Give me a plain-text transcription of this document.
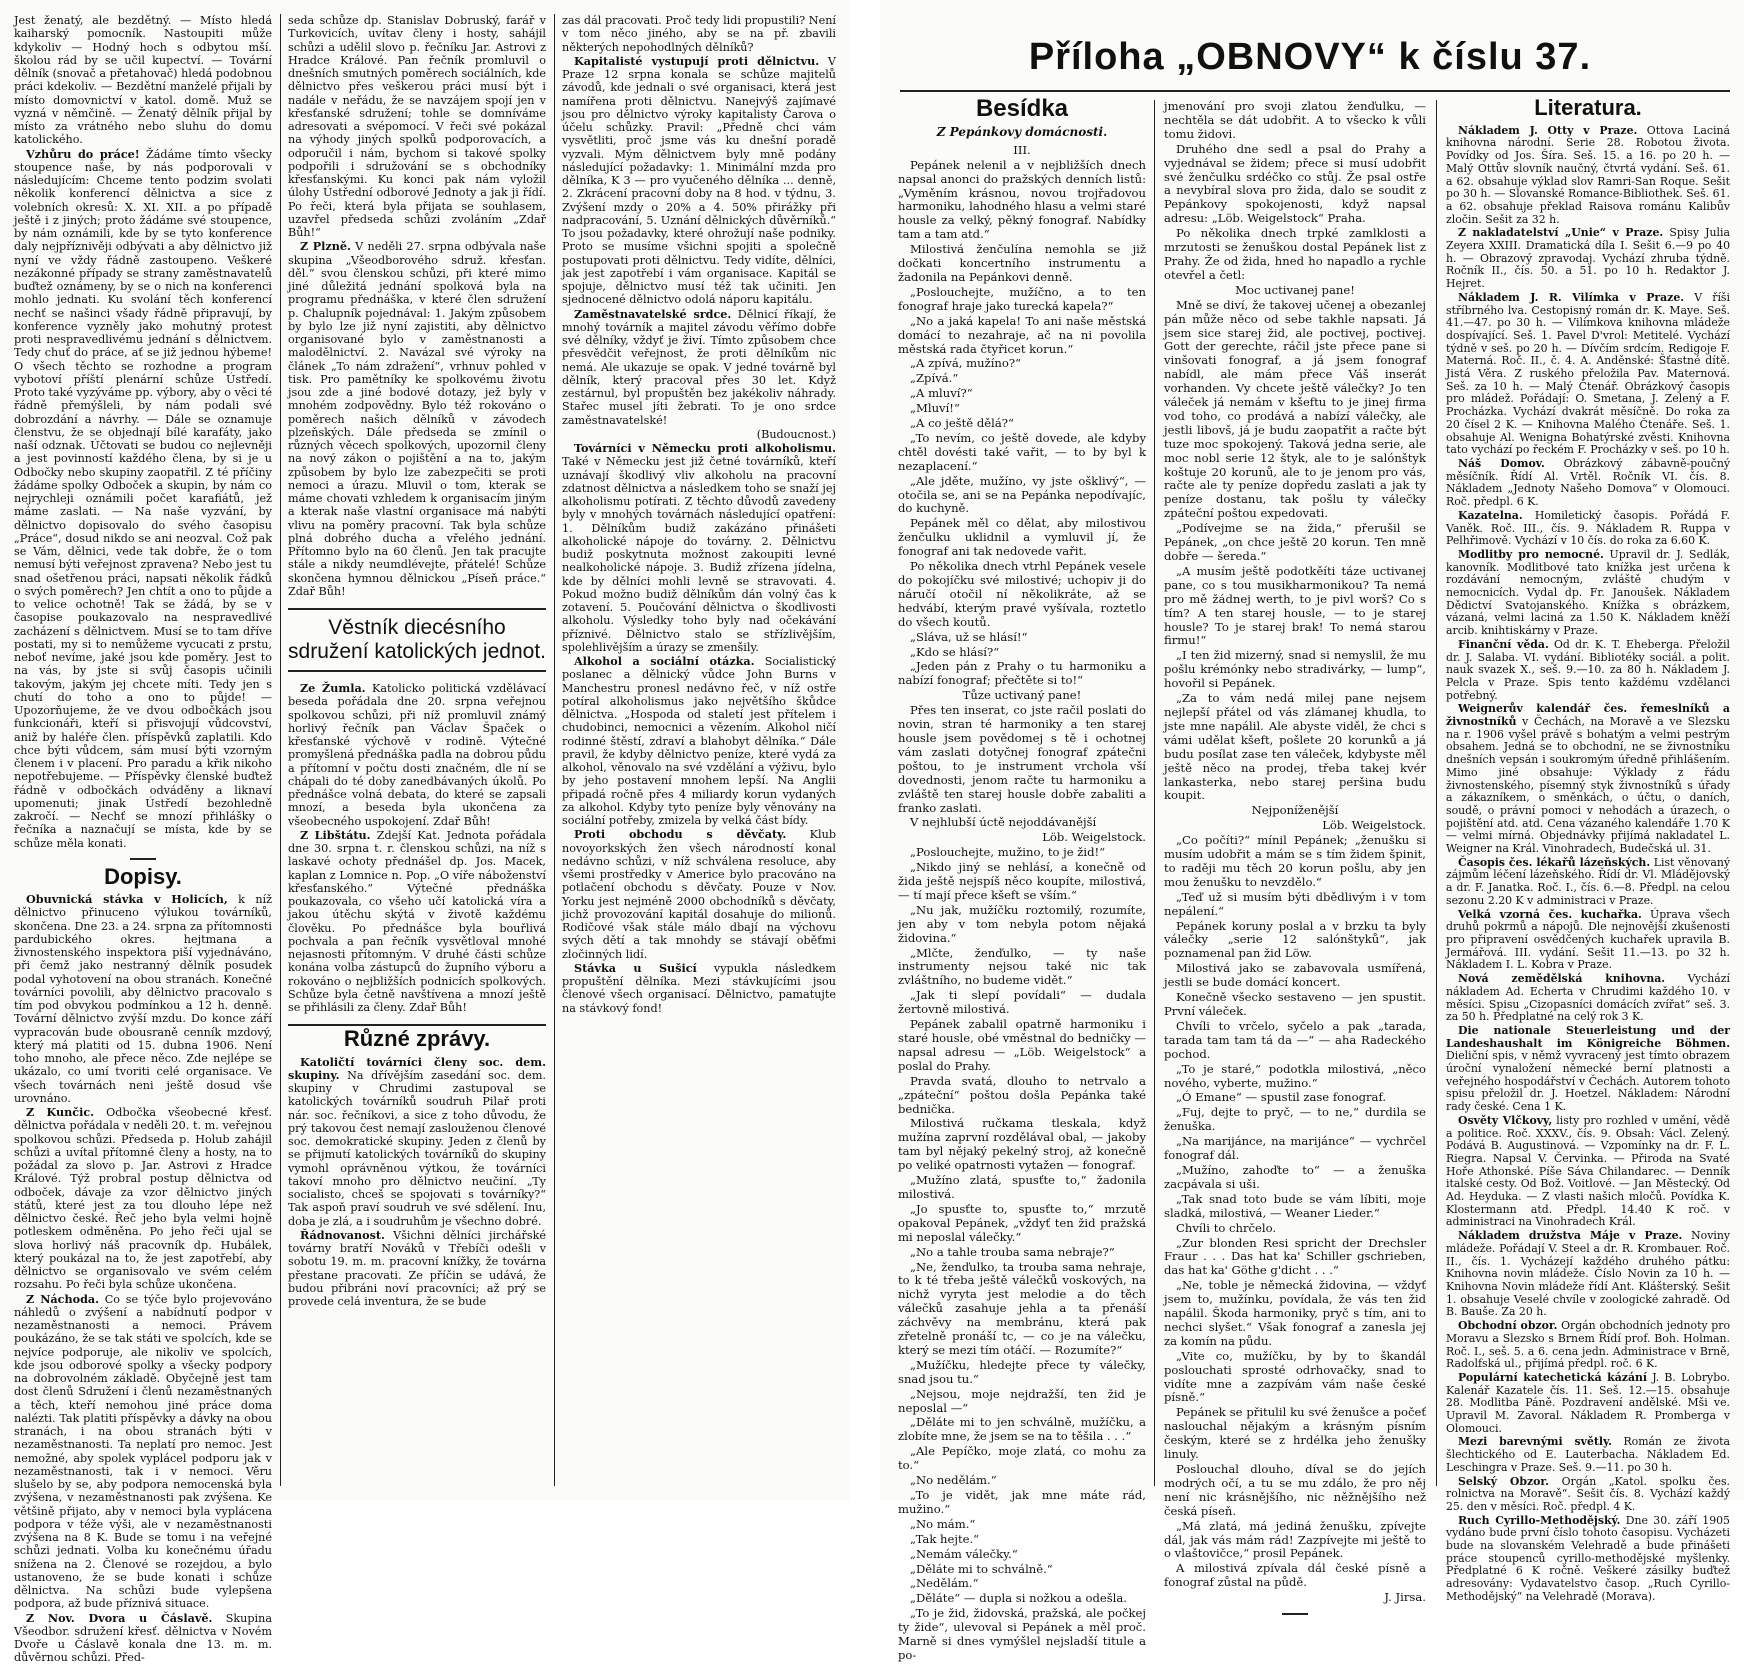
Jest ženatý, ale bezdětný. — Místo hledá kaiharský pomocník. Nastoupiti může kdykoliv — Hodný hoch s odbytou mší. školou rád by se učil kupectví. — Tovární dělník (snovač a přetahovač) hledá podobnou práci kdekoliv. — Bezdětní manželé přijali by místo domovnictví v katol. domě. Muž se vyzná v němčině. — Ženatý dělník přijal by místo za vrátného nebo sluhu do domu katolického.

Vzhůru do práce! Žádáme tímto všecky stoupence naše, by nás podporovali v následujícím: Chceme tento podzim svolati několik konferencí dělnictva a sice z volebních okresů: X. XI. XII. a po případě ještě i z jiných; proto žádáme své stoupence, by nám oznámili, kde by se tyto konference daly nejpříznivěji odbývati a aby dělnictvo již nyní ve vždy řádně zastoupeno. Veškeré nezákonné případy se strany zaměstnavatelů buďtež oznámeny, by se o nich na konferenci mohlo jednati. Ku svolání těch konferencí nechť se našinci všady řádně připravují, by konference vyzněly jako mohutný protest proti nespravedlivému jednání s dělnictvem. Tedy chuť do práce, ať se již jednou hýbeme! O všech těchto se rozhodne a program vybotoví příští plenární schůze Ústředí. Proto také vyzýváme pp. výbory, aby o věci té řádně přemýšleli, by nám podali své dobrozdání a návrhy. — Dále se oznamuje členstvu, že se objednají bílé karafáty, jako naší odznak. Účtovati se budou co nejlevněji a jest povinností každého člena, by si je u Odbočky nebo skupiny zaopatřil. Z té příčiny žádáme spolky Odboček a skupin, by nám co nejrychleji oznámili počet karafiátů, jež máme zaslati. — Na naše vyzvání, by dělnictvo dopisovalo do svého časopisu „Práce“, dosud nikdo se ani neozval. Což pak se Vám, dělnici, vede tak dobře, že o tom nemusí býti veřejnost zpravena? Nebo jest tu snad ošetřenou práci, napsati několik řádků o svých poměrech? Jen chtít a ono to půjde a to velice ochotně! Tak se žádá, by se v časopise poukazovalo na nespravedlivé zacházení s dělnictvem. Musí se to tam dříve postati, my si to nemůžeme vycucati z prstu, neboť nevíme, jaké jsou kde poměry. Jest to na vás, by jste si svůj časopis učinili takovým, jakým jej chcete míti. Tedy jen s chutí do toho a ono to půjde! — Upozorňujeme, že ve dvou odbočkách jsou funkcionáři, kteří si přisvojují vůdcovství, aniž by haléře člen. příspěvků zaplatili. Kdo chce býti vůdcem, sám musí býti vzorným členem i v placení. Pro paradu a křik nikoho nepotřebujeme. — Příspěvky členské buďtež řádně v odbočkách odváděny a liknaví upomenuti; jinak Ústředí bezohledně zakročí. — Nechť se mnozí přihlášky o řečníka a naznačují se místa, kde by se schůze měla konati.

Dopisy.

Obuvnická stávka v Holicích, k níž dělnictvo přinuceno výlukou továrníků, skončena. Dne 23. a 24. srpna za přítomnosti pardubického okres. hejtmana a živnostenského inspektora piší vyjednáváno, při čemž jako nestranný dělník posudek podal vyhotovení na obou stranách. Konečné továrníci povolili, aby dělnictvo pracovalo s tím pod obvykou podmínkou a 12 h. denně. Tovární dělnictvo zvýší mzdu. Do konce září vypracován bude obousraně cenník mzdový, který má platiti od 15. dubna 1906. Není toho mnoho, ale přece něco. Zde nejlépe se ukázalo, co umí tvoriti celé organisace. Ve všech továrnách neni ještě dosud vše urovnáno.

Z Kunčic. Odbočka všeobecné křesť. dělnictva pořádala v neděli 20. t. m. veřejnou spolkovou schůzi. Předseda p. Holub zahájil schůzi a uvítal přítomné členy a hosty, na to požádal za slovo p. Jar. Astrovi z Hradce Králové. Týž probral postup dělnictva od odboček, dávaje za vzor dělnictvo jiných států, které jest za tou dlouho lépe než dělnictvo české. Řeč jeho byla velmi hojně potleskem odměněna. Po jeho řeči ujal se slova horlivý náš pracovník dp. Hubálek, který poukázal na to, že jest zapotřebí, aby dělnictvo se organisovalo ve svém celém rozsahu. Po řeči byla schůze ukončena.

Z Náchoda. Co se týče bylo projevováno náhledů o zvýšení a nabídnutí podpor v nezaměstnanosti a nemoci. Právem poukázáno, že se tak státi ve spolcích, kde se nejvíce podporuje, ale nikoliv ve spolcích, kde jsou odborové spolky a všecky podpory na dobrovolném základě. Obyčejně jest tam dost členů Sdružení i členů nezaměstnaných a těch, kteří nemohou jiné práce doma nalézti. Tak platiti příspěvky a dávky na obou stranách, i na obou stranách býti v nezaměstnanosti. Ta neplatí pro nemoc. Jest nemožné, aby spolek vyplácel podporu jak v nezaměstnanosti, tak i v nemoci. Věru slušelo by se, aby podpora nemocenská byla zvýšena, v nezaměstnanosti pak zvýšena. Ke většině přijato, aby v nemoci byla vyplácena podpora v téže výši, ale v nezaměstnanosti zvýšena na 8 K. Bude se tomu i na veřejné schůzi jednati. Volba ku konečnému úřadu snížena na 2. Členové se rozejdou, a bylo ustanoveno, že se bude konati i schůze dělnictva. Na schůzi bude vylepšena podpora, až bude příznivá situace.

Z Nov. Dvora u Čáslavě. Skupina Všeodbor. sdružení křesť. dělnictva v Novém Dvoře u Čáslavě konala dne 13. m. m. důvěrnou schůzi. Před-

seda schůze dp. Stanislav Dobruský, farář v Turkovicích, uvítav členy i hosty, sahájil schůzi a udělil slovo p. řečníku Jar. Astrovi z Hradce Králové. Pan řečník promluvil o dnešních smutných poměrech sociálních, kde dělnictvo přes veškerou práci musí být i nadále v neřádu, že se navzájem spojí jen v křesťanské sdružení; tohle se domníváme adresovati a svépomocí. V řeči své pokázal na výhody jiných spolků podporovacích, a odporučil i nám, bychom si takové spolky podpořili i sdružování se s obchodníky křesťanskými. Ku konci pak nám vyložil úlohy Ústřední odborové Jednoty a jak ji řídí. Po řeči, která byla přijata se souhlasem, uzavřel předseda schůzi zvoláním „Zdař Bůh!“

Z Plzně. V neděli 27. srpna odbývala naše skupina „Všeodborového sdruž. křesťan. děl.“ svou členskou schůzi, při které mimo jiné důležitá jednání spolková byla na programu přednáška, v které člen sdružení p. Chalupník pojednával: 1. Jakým způsobem by bylo lze již nyní zajistiti, aby dělnictvo organisované bylo v zaměstnanosti a malodělnictví. 2. Navázal své výroky na článek „To nám zdražení“, vrhnuv pohled v tisk. Pro pamětníky ke spolkovému životu jsou zde a jiné bodové dotazy, jež byly v mnohém zodpovědny. Bylo též rokováno o poměrech našich dělníků v závodech plzeňských. Dále předseda se zmínil o různých věcech spolkových, upozornil členy na nový zákon o pojištění a na to, jakým způsobem by bylo lze zabezpečiti se proti nemoci a úrazu. Mluvil o tom, kterak se máme chovati vzhledem k organisacím jiným a kterak naše vlastní organisace má nabýti vlivu na poměry pracovní. Tak byla schůze plná dobrého ducha a vřelého jednání. Přítomno bylo na 60 členů. Jen tak pracujte stále a nikdy neumdlévejte, přátelé! Schůze skončena hymnou dělnickou „Píseň práce.“ Zdař Bůh!

Věstník diecésního sdružení katolických jednot.

Ze Žumla. Katolicko politická vzdělávací beseda pořádala dne 20. srpna veřejnou spolkovou schůzi, při níž promluvil známý horlivý řečník pan Václav Špaček o křesťanské výchově v rodině. Výtečné promyšlená přednáška padla na dobrou půdu a přítomní v počtu dosti značném, dle ní se chápali do té doby zanedbávaných úkolů. Po přednášce volná debata, do které se zapsali mnozí, a beseda byla ukončena za všeobecného uspokojení. Zdař Bůh!

Z Libštátu. Zdejší Kat. Jednota pořádala dne 30. srpna t. r. členskou schůzi, na níž s laskavé ochoty přednášel dp. Jos. Macek, kaplan z Lomnice n. Pop. „O víře náboženství křesťanského.“ Výtečné přednáška poukazovala, co všeho učí katolická víra a jakou útěchu skýtá v životě každému člověku. Po přednášce byla bouřlivá pochvala a pan řečník vysvětloval mnohé nejasnosti přítomným. V druhé části schůze konána volba zástupců do župního výboru a rokováno o nejbližších podnicích spolkových. Schůze byla četně navštívena a mnozí ještě se přihlásili za členy. Zdař Bůh!

Různé zprávy.

Katoličtí továrníci členy soc. dem. skupiny. Na dřívějším zasedání soc. dem. skupiny v Chrudimi zastupoval se katolických továrníků soudruh Pilař proti nár. soc. řečníkovi, a sice z toho důvodu, že prý takovou čest nemají zaslouženou členové soc. demokratické skupiny. Jeden z členů by se přijmutí katolických továrníků do skupiny vymohl oprávněnou výtkou, že továrníci takoví mnoho pro dělnictvo neučiní. „Ty socialisto, chceš se spojovati s továrníky?“ Tak aspoň praví soudruh ve své sdělení. Inu, doba je zlá, a i soudruhům je všechno dobré.

Řádnovanost. Všichni dělníci jirchářské továrny bratří Nováků v Třebíči odešli v sobotu 19. m. m. pracovní knížky, že továrna přestane pracovati. Ze příčin se udává, že budou přibráni noví pracovníci; až prý se provede celá inventura, že se bude

zas dál pracovati. Proč tedy lidi propustili? Není v tom něco jiného, aby se na př. zbavili některých nepohodlných dělníků?

Kapitalisté vystupují proti dělnictvu. V Praze 12 srpna konala se schůze majitelů závodů, kde jednali o své organisaci, která jest namířena proti dělnictvu. Nanejvýš zajímavé jsou pro dělnictvo výroky kapitalisty Čarova o účelu schůzky. Pravil: „Předně chci vám vysvětliti, proč jsme vás ku dnešní poradě vyzvali. Mým dělnictvem byly mně podány následující požadavky: 1. Minimální mzda pro dělníka, K 3 — pro vyučeného dělníka ... denně, 2. Zkrácení pracovní doby na 8 hod. v týdnu, 3. Zvýšení mzdy o 20% a 4. 50% přirážky při nadpracování, 5. Uznání dělnických důvěrníků.“ To jsou požadavky, které ohrožují naše podniky. Proto se musíme všichni spojiti a společně postupovati proti dělnictvu. Tedy vidíte, dělníci, jak jest zapotřebí i vám organisace. Kapitál se spojuje, dělnictvo musí též tak učiniti. Jen sjednocené dělnictvo odolá náporu kapitálu.

Zaměstnavatelské srdce. Dělnicí říkají, že mnohý továrník a majitel závodu věřímo dobře své dělníky, vždyť je živí. Tímto způsobem chce přesvědčit veřejnost, že proti dělníkům nic nemá. Ale ukazuje se opak. V jedné továrně byl dělník, který pracoval přes 30 let. Když zestárnul, byl propuštěn bez jakékoliv náhrady. Stařec musel jíti žebrati. To je ono srdce zaměstnavatelské!

(Budoucnost.)

Továrníci v Německu proti alkoholismu. Také v Německu jest již četné továrníků, kteří uznávají škodlivý vliv alkoholu na pracovní zdatnost dělnictva a následkem toho se snaží jej alkoholismu potírati. Z těchto důvodů zavedeny byly v mnohých továrnách následující opatření: 1. Dělníkům budiž zakázáno přinášeti alkoholické nápoje do továrny. 2. Dělnictvu budiž poskytnuta možnost zakoupiti levné nealkoholické nápoje. 3. Budiž zřízena jídelna, kde by dělníci mohli levně se stravovati. 4. Pokud možno budiž dělníkům dán volný čas k zotavení. 5. Poučování dělnictva o škodlivosti alkoholu. Výsledky toho byly nad očekávání příznivé. Dělnictvo stalo se střízlivějším, spolehlivějším a úrazy se zmenšily.

Alkohol a sociální otázka. Socialistický poslanec a dělnický vůdce John Burns v Manchestru pronesl nedávno řeč, v níž ostře potíral alkoholismus jako největšího škůdce dělnictva. „Hospoda od staletí jest přítelem i chudobinci, nemocnici a vězením. Alkohol ničí rodinné štěstí, zdraví a blahobyt dělníka.“ Dále pravil, že kdyby dělnictvo peníze, které vydá za alkohol, věnovalo na své vzdělání a výživu, bylo by jeho postavení mnohem lepší. Na Anglii připadá ročně přes 4 miliardy korun vydaných za alkohol. Kdyby tyto peníze byly věnovány na sociální potřeby, zmizela by velká část bídy.

Proti obchodu s děvčaty. Klub novoyorkských žen všech národností konal nedávno schůzi, v níž schválena resoluce, aby všemi prostředky v Americe bylo pracováno na potlačení obchodu s děvčaty. Pouze v Nov. Yorku jest nejméně 2000 obchodníků s děvčaty, jichž provozování kapitál dosahuje do milionů. Rodičové však stále málo dbají na výchovu svých dětí a tak mnohdy se stávají oběťmi zločinných lidí.

Stávka u Sušicí vypukla následkem propuštění dělníka. Mezi stávkujícími jsou členové všech organisací. Dělnictvo, pamatujte na stávkový fond!

Příloha „OBNOVY“ k číslu 37.
Besídka
Z Pepánkovy domácnosti.

III.

Pepánek nelenil a v nejbližších dnech napsal anonci do pražských denních listů: „Vyměním krásnou, novou trojřadovou harmoniku, lahodného hlasu a velmi staré housle za velký, pěkný fonograf. Nabídky tam a tam atd.“

Milostivá ženčulína nemohla se již dočkati koncertního instrumentu a žadonila na Pepánkovi denně.

„Poslouchejte, mužíčno, a to ten fonograf hraje jako turecká kapela?“

„No a jaká kapela! To ani naše městská domácí to nezahraje, ač na ni povolila městská rada čtyřicet korun.“

„A zpívá, mužíno?“

„Zpívá.“

„A mluví?“

„Mluví!“

„A co ještě dělá?“

„To nevím, co ještě dovede, ale kdyby chtěl dovésti také vařit, — to by byl k nezaplacení.“

„Ale jděte, mužíno, vy jste ošklivý“, — otočila se, ani se na Pepánka nepodívajíc, do kuchyně.

Pepánek měl co dělat, aby milostivou ženčulku uklidnil a vymluvil jí, že fonograf ani tak nedovede vařit.

Po několika dnech vtrhl Pepánek vesele do pokojíčku své milostivé; uchopiv ji do náručí otočil ní několikráte, až se hedvábí, kterým pravé vyšívala, roztetlo do všech koutů.

„Sláva, už se hlásí!“

„Kdo se hlásí?“

„Jeden pán z Prahy o tu harmoniku a nabízí fonograf; přečtěte si to!“

Tůze uctivaný pane!

Přes ten inserat, co jste račil poslati do novin, stran té harmoniky a ten starej housle jsem povědomej s tě i ochotnej vám zaslati dotyčnej fonograf zpátečni poštou, to je instrument vrchola vší dovednosti, jenom račte tu harmoniku a zvláště ten starej housle dobře zabaliti a franko zaslati.

V nejhlubší úctě nejoddávanější

Löb. Weigelstock.

„Poslouchejte, mužino, to je žid!“

„Nikdo jiný se nehlásí, a konečně od žida ještě nejspíš něco koupíte, milostivá, — tí mají přece kšeft se vším.“

„Nu jak, mužíčku roztomilý, rozumíte, jen aby v tom nebyla potom nějaká židovina.“

„Mlčte, ženďulko, — ty naše instrumenty nejsou také nic tak zvláštního, no budeme vidět.“

„Jak ti slepí povídali“ — dudala žertovně milostivá.

Pepánek zabalil opatrně harmoniku i staré housle, obé vměstnal do bedničky — napsal adresu — „Löb. Weigelstock“ a poslal do Prahy.

Pravda svatá, dlouho to netrvalo a „zpáteční“ poštou došla Pepánka také bednička.

Milostivá ručkama tleskala, když mužína zaprvní rozdělával obal, — jakoby tam byl nějaký pekelný stroj, až konečně po veliké opatrnosti vytažen — fonograf.

„Mužíno zlatá, spusťte to,“ žadonila milostivá.

„Jo spusťte to, spusťte to,“ mrzutě opakoval Pepánek, „vždyť ten žid pražská mi neposlal válečky.“

„No a tahle trouba sama nebraje?“

„Ne, ženďulko, ta trouba sama nehraje, to k té třeba ještě válečků voskových, na nichž vyryta jest melodie a do těch válečků zasahuje jehla a ta přenáší záchvěvy na membránu, která pak zřetelně pronáší tc, — co je na válečku, který se mezi tím otáčí. — Rozumíte?“

„Mužíčku, hledejte přece ty válečky, snad jsou tu.“

„Nejsou, moje nejdražší, ten žid je neposlal —“

„Děláte mi to jen schválně, mužíčku, a zlobíte mne, že jsem se na to těšila . . .“

„Ale Pepíčko, moje zlatá, co mohu za to.“

„No nedělám.“

„To je vidět, jak mne máte rád, mužino.“

„No mám.“

„Tak hejte.“

„Nemám válečky.“

„Děláte mi to schválně.“

„Nedělám.“

„Děláte“ — dupla si nožkou a odešla.

„To je žid, židovská, pražská, ale počkej ty žide“, ulevoval si Pepánek a měl proč. Marně si dnes vymýšlel nejsladší titule a po-

jmenování pro svoji zlatou ženďulku, — nechtěla se dát udobřit. A to všecko k vůli tomu židovi.

Druhého dne sedl a psal do Prahy a vyjednával se židem; přece si musí udobřit své ženčulku srdéčko co stůj. Že psal ostře a nevybíral slova pro žida, dalo se soudit z Pepánkovy spokojenosti, když napsal adresu: „Löb. Weigelstock“ Praha.

Po několika dnech trpké zamlklosti a mrzutosti se ženuškou dostal Pepánek list z Prahy. Že od žida, hned ho napadlo a rychle otevřel a četl:

Moc uctivanej pane!

Mně se diví, že takovej učenej a obezanlej pán může něco od sebe takhle napsati. Já jsem sice starej žid, ale poctivej, poctivej. Gott der gerechte, ráčil jste přece pane si vinšovati fonograf, a já jsem fonograf nabídl, ale mám přece Váš inserát vorhanden. Vy chcete ještě válečky? Jo ten váleček já nemám v kšeftu to je jinej firma vod toho, co prodává a nabízí válečky, ale jestli libovš, já je budu zaopatřit a račte být tuze moc spokojený. Taková jedna serie, ale moc nobl serie 12 štyk, ale to je salónštyk koštuje 20 korunů, ale to je jenom pro vás, račte ale ty peníze dopředu zaslati a jak ty peníze dostanu, tak pošlu ty válečky zpáteční poštou expedovati.

„Podívejme se na žida,“ přerušil se Pepánek, „on chce ještě 20 korun. Ten mně dobře — šereda.“

„A musím ještě podotkěíti táze uctivanej pane, co s tou musikharmonikou? Ta nemá pro mě žádnej werth, to je pivl worš? Co s tím? A ten starej housle, — to je starej housle? To je starej brak! To nemá starou firmu!“

„I ten žid mizerný, snad si nemyslil, že mu pošlu krémónky nebo stradivárky, — lump“, hovořil si Pepánek.

„Za to vám nedá milej pane nejsem nejlepší přátel od vás zlámanej khudla, to jste mne napálil. Ale abyste viděl, že chci s vámi udělat kšeft, pošlete 20 korunků a já budu posílat zase ten váleček, kdybyste měl ještě něco na prodej, třeba takej kvér lankasterka, nebo starej peršina budu koupit.

Nejponíženější

Löb. Weigelstock.

„Co počíti?“ mínil Pepánek; „ženušku si musím udobřit a mám se s tím židem špinit, to raději mu těch 20 korun pošlu, aby jen mou ženušku to nevzdělo.“

„Teď už si musím býti dbědlivým i v tom nepálení.“

Pepánek koruny poslal a v brzku ta byly válečky „serie 12 salónštyků“, jak poznamenal pan žid Löw.

Milostivá jako se zabavovala usmířená, jestli se bude domácí koncert.

Konečně všecko sestaveno — jen spustit. První váleček.

Chvíli to vrčelo, syčelo a pak „tarada, tarada tam tam tá da —“ — aha Radeckého pochod.

„To je staré,“ podotkla milostivá, „něco nového, vyberte, mužino.“

„Ó Emane“ — spustil zase fonograf.

„Fuj, dejte to pryč, — to ne,“ durdila se ženuška.

„Na marijánce, na marijánce“ — vychrčel fonograf dál.

„Mužíno, zahoďte to“ — a ženuška zacpávala si uši.

„Tak snad toto bude se vám líbiti, moje sladká, milostivá, — Weaner Lieder.“

Chvíli to chrčelo.

„Zur blonden Resi spricht der Drechsler Fraur . . . Das hat ka' Schiller gschrieben, das hat ka' Göthe g'dicht . . .“

„Ne, toble je německá židovina, — vždyť jsem to, mužínku, povídala, že vás ten žid napálil. Škoda harmoniky, pryč s tím, ani to nechci slyšet.“ Však fonograf a zanesla jej za komín na půdu.

„Vite co, mužíčku, by by to škandál poslouchati sprosté odrhovačky, snad to vidíte mne a zazpívám vám naše české písně.“

Pepánek se přitulil ku své ženušce a počeť naslouchal nějakým a krásným písním českým, které se z hrdélka jeho ženušky linuly.

Poslouchal dlouho, díval se do jejích modrých očí, a tu se mu zdálo, že pro něj není nic krásnějšího, nic něžnějšího než česká píseň.

„Má zlatá, má jediná ženušku, zpívejte dál, jak vás mám rád! Zazpívejte mi ještě to o vlaštovičce,“ prosil Pepánek.

A milostivá zpívala dál české písně a fonograf zůstal na půdě.

J. Jirsa.

Literatura.

Nákladem J. Otty v Praze. Ottova Laciná knihovna národní. Serie 28. Robotou života. Povídky od Jos. Šíra. Seš. 15. a 16. po 20 h. — Malý Ottův slovník naučný, čtvrtá vydání. Seš. 61. a 62. obsahuje výklad slov Ramri-San Roque. Sešit po 30 h. — Slovanské Romance-Bibliothek. Seš. 61. a 62. obsahuje překlad Raisova románu Kalibův zločin. Sešit za 32 h.

Z nakladatelství „Unie“ v Praze. Spisy Julia Zeyera XXIII. Dramatická díla I. Sešit 6.—9 po 40 h. — Obrazový zpravodaj. Vychází zhruba týdně. Ročník II., čís. 50. a 51. po 10 h. Redaktor J. Hejret.

Nákladem J. R. Vilímka v Praze. V říši stříbrného lva. Cestopisný román dr. K. Maye. Seš. 41.—47. po 30 h. — Vilímkova knihovna mládeže dospívající. Seš. 1. Pavel D'vrol: Metitelé. Vychází týdně v seš. po 20 h. — Dívčím srdcím. Redigoje F. Materná. Roč. II., č. 4. A. Anděnské: Šťastné dítě. Jistá Věra. Z ruského přeložila Pav. Maternová. Seš. za 10 h. — Malý Čtenář. Obrázkový časopis pro mládež. Pořádají: O. Smetana, J. Zelený a F. Procházka. Vychází dvakrát měsíčně. Do roka za 20 čísel 2 K. — Knihovna Malého Čtenáře. Seš. 1. obsahuje Al. Wenigna Bohatýrské zvěsti. Knihovna tato vychází po řeckém F. Procházky v seš. po 10 h.

Náš Domov. Obrázkový zábavně-poučný měsíčník. Řídí Al. Vrtěl. Ročník VI. čís. 8. Nákladem „Jednoty Našeho Domova“ v Olomouci. Roč. předpl. 6 K.

Kazatelna. Homiletický časopis. Pořádá F. Vaněk. Roč. III., čís. 9. Nákladem R. Ruppa v Pelhřimově. Vychází v 10 čís. do roka za 6.60 K.

Modlitby pro nemocné. Upravil dr. J. Sedlák, kanovník. Modlitbové tato knížka jest určena k rozdávání nemocným, zvláště chudým v nemocnicích. Vydal dp. Fr. Janoušek. Nákladem Dědictví Svatojanského. Knížka s obrázkem, vázaná, velmi laciná za 1.50 K. Nákladem kněží arcib. knihtiskárny v Praze.

Finanční věda. Od dr. K. T. Eheberga. Přeložil dr. J. Salaba. VI. vydání. Bibliotéky sociál. a polit. nauk svazek X., seš. 9.—10. za 80 h. Nákladem J. Pelcla v Praze. Spis tento každému vzdělanci potřebný.

Weignerův kalendář čes. řemeslníků a živnostníků v Čechách, na Moravě a ve Slezsku na r. 1906 vyšel právě s bohatým a velmi pestrým obsahem. Jedná se to obchodní, ne se živnostníku dnešních vepsán i soukromým úředně přihlášením. Mimo jiné obsahuje: Výklady z řádu živnostenského, písemný styk živnostníků s úřady a zákazníkem, o směnkách, o účtu, o daních, soudě, o právní pomoci v nehodách a úrazech, o pojištění atd. atd. Cena vázaného kalendáře 1.70 K — velmi mírná. Objednávky přijímá nakladatel L. Weigner na Král. Vinohradech, Budečská ul. 31.

Časopis čes. lékařů lázeňských. List věnovaný zájmům léčení lázeňského. Řídí dr. Vl. Mládějovský a dr. F. Janatka. Roč. I., čís. 6.—8. Předpl. na celou sezonu 2.20 K v administraci v Praze.

Velká vzorná čes. kuchařka. Úprava všech druhů pokrmů a nápojů. Dle nejnovější zkušenosti pro připravení osvědčených kuchařek upravila B. Jermářová. III. vydání. Sešit 11.—13. po 32 h. Nákladem I. L. Kobra v Praze.

Nová zemědělská knihovna. Vychází nákladem Ad. Echerta v Chrudimi každého 10. v měsíci. Spisu „Cizopasníci domácích zvířat“ seš. 3. za 50 h. Předplatné na celý rok 3 K.

Die nationale Steuerleistung und der Landeshaushalt im Königreiche Böhmen. Dieliční spis, v němž vyvracený jest tímto obrazem úroční vynaložení německé berní platnosti a veřejného hospodářství v Čechách. Autorem tohoto spisu přeložil dr. J. Hoetzel. Nákladem: Národní rady české. Cena 1 K.

Osvěty Vlčkovy, listy pro rozhled v umění, vědě a politice. Roč. XXXV., čís. 9. Obsah: Václ. Zelený. Podává B. Augustinová. — Vzpomínky na dr. F. L. Riegra. Napsal V. Červinka. — Přiroda na Svaté Hoře Athonské. Píše Sáva Chilandarec. — Denník italské cesty. Od Bož. Voitlové. — Jan Městecký. Od Ad. Heyduka. — Z vlasti našich mločů. Povídka K. Klostermann atd. Předpl. 14.40 K roč. v administraci na Vinohradech Král.

Nákladem družstva Máje v Praze. Noviny mládeže. Pořádají V. Steel a dr. R. Krombauer. Roč. II., čís. 1. Vycházejí každého druhého pátku: Knihovna novin mládeže. Číslo Novin za 10 h. — Knihovna Novin mládeže řídí Ant. Klášterský. Sešit 1. obsahuje Veselé chvíle v zoologické zahradě. Od B. Bauše. Za 20 h.

Obchodní obzor. Orgán obchodních jednoty pro Moravu a Slezsko s Brnem Řídí prof. Boh. Holman. Roč. I., seš. 5. a 6. cena jedn. Administrace v Brně, Radolfská ul., přijímá předpl. roč. 6 K.

Populární katechetická kázání J. B. Lobrybo. Kalenář Kazatele čís. 11. Seš. 12.—15. obsahuje 28. Modlitba Páně. Pozdravení andělské. Mši ve. Upravil M. Zavoral. Nákladem R. Promberga v Olomouci.

Mezi barevnými světly. Román ze života šlechtického od E. Lauterbacha. Nákladem Ed. Leschingra v Praze. Seš. 9.—11. po 30 h.

Selský Obzor. Orgán „Katol. spolku čes. rolnictva na Moravě“. Sešit čís. 8. Vychází každý 25. den v měsíci. Roč. předpl. 4 K.

Ruch Cyrillo-Methodějský. Dne 30. září 1905 vydáno bude první číslo tohoto časopisu. Vycházeti bude na slovanském Velehradě a bude přinášeti práce stoupenců cyrillo-methodějské myšlenky. Předplatné 6 K ročně. Veškeré zásilky buďtež adresovány: Vydavatelstvo časop. „Ruch Cyrillo-Methodějský“ na Velehradě (Morava).
